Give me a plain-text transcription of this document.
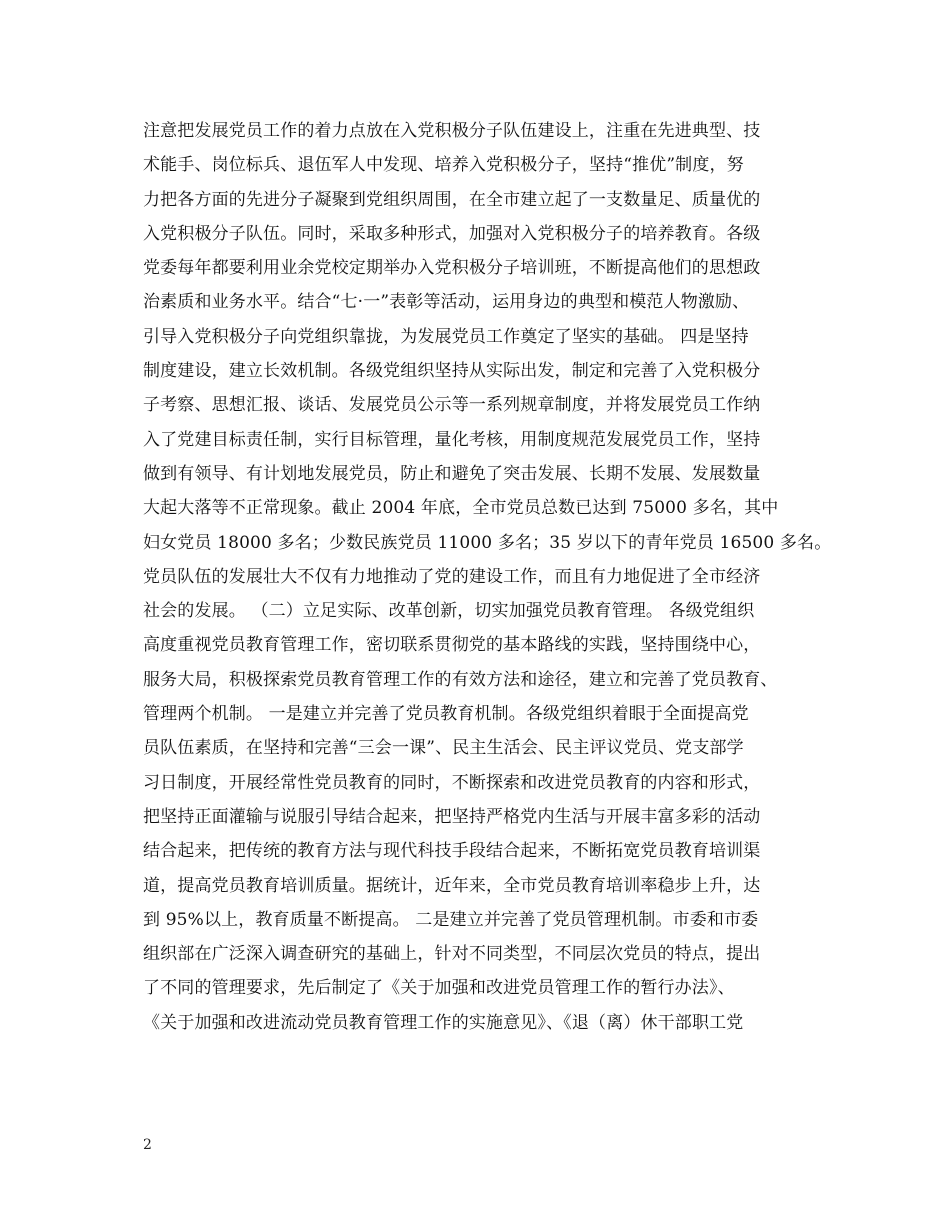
注意把发展党员工作的着力点放在入党积极分子队伍建设上，注重在先进典型、技
术能手、岗位标兵、退伍军人中发现、培养入党积极分子，坚持“推优”制度，努
力把各方面的先进分子凝聚到党组织周围，在全市建立起了一支数量足、质量优的
入党积极分子队伍。同时，采取多种形式，加强对入党积极分子的培养教育。各级
党委每年都要利用业余党校定期举办入党积极分子培训班，不断提高他们的思想政
治素质和业务水平。结合“七·一”表彰等活动，运用身边的典型和模范人物激励、
引导入党积极分子向党组织靠拢，为发展党员工作奠定了坚实的基础。 四是坚持
制度建设，建立长效机制。各级党组织坚持从实际出发，制定和完善了入党积极分
子考察、思想汇报、谈话、发展党员公示等一系列规章制度，并将发展党员工作纳
入了党建目标责任制，实行目标管理，量化考核，用制度规范发展党员工作，坚持
做到有领导、有计划地发展党员，防止和避免了突击发展、长期不发展、发展数量
大起大落等不正常现象。截止 2004 年底，全市党员总数已达到 75000 多名，其中
妇女党员 18000 多名；少数民族党员 11000 多名；35 岁以下的青年党员 16500 多名。
党员队伍的发展壮大不仅有力地推动了党的建设工作，而且有力地促进了全市经济
社会的发展。 （二）立足实际、改革创新，切实加强党员教育管理。 各级党组织
高度重视党员教育管理工作，密切联系贯彻党的基本路线的实践，坚持围绕中心，
服务大局，积极探索党员教育管理工作的有效方法和途径，建立和完善了党员教育、
管理两个机制。 一是建立并完善了党员教育机制。各级党组织着眼于全面提高党
员队伍素质，在坚持和完善“三会一课”、民主生活会、民主评议党员、党支部学
习日制度，开展经常性党员教育的同时，不断探索和改进党员教育的内容和形式，
把坚持正面灌输与说服引导结合起来，把坚持严格党内生活与开展丰富多彩的活动
结合起来，把传统的教育方法与现代科技手段结合起来，不断拓宽党员教育培训渠
道，提高党员教育培训质量。据统计，近年来，全市党员教育培训率稳步上升，达
到 95%以上，教育质量不断提高。 二是建立并完善了党员管理机制。市委和市委
组织部在广泛深入调查研究的基础上，针对不同类型，不同层次党员的特点，提出
了不同的管理要求，先后制定了《关于加强和改进党员管理工作的暂行办法》、
《关于加强和改进流动党员教育管理工作的实施意见》、《退（离）休干部职工党
2
